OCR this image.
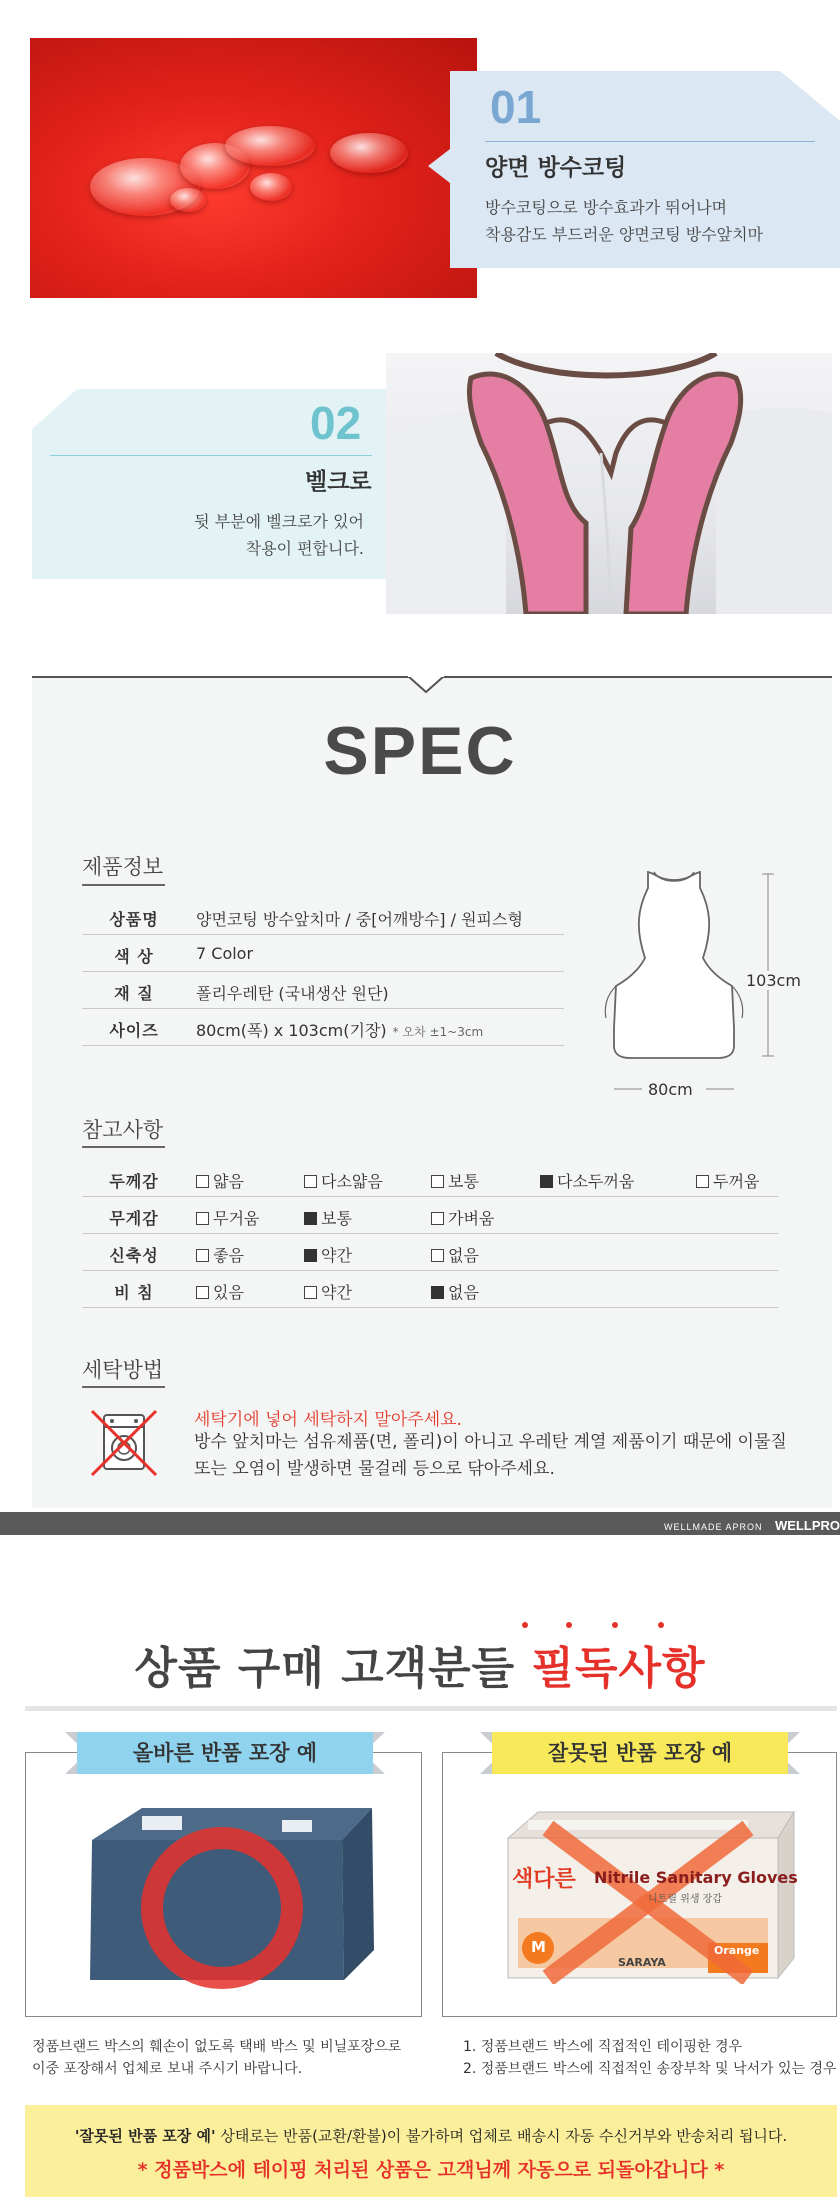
01
양면 방수코팅
방수코팅으로 방수효과가 뛰어나며
착용감도 부드러운 양면코팅 방수앞치마
02
벨크로
뒷 부분에 벨크로가 있어
착용이 편합니다.
SPEC
제품정보
상품명	양면코팅 방수앞치마 / 중[어깨방수] / 원피스형
색 상	7 Color
재 질	폴리우레탄 (국내생산 원단)
사이즈	80cm(폭) x 103cm(기장) * 오차 ±1~3cm
103cm
80cm
참고사항
두께감	얇음	다소얇음	보통	다소두꺼움	두꺼움
무게감	무거움	보통	가벼움
신축성	좋음	약간	없음
비 침	있음	약간	없음
세탁방법
세탁기에 넣어 세탁하지 말아주세요.
방수 앞치마는 섬유제품(면, 폴리)이 아니고 우레탄 계열 제품이기 때문에 이물질
또는 오염이 발생하면 물걸레 등으로 닦아주세요.
WELLMADE APRON WELLPRO
상품 구매 고객분들 필독사항
올바른 반품 포장 예
정품브랜드 박스의 훼손이 없도록 택배 박스 및 비닐포장으로
이중 포장해서 업체로 보내 주시기 바랍니다.
잘못된 반품 포장 예
색다른 Nitrile Sanitary Gloves
니트릴 위생 장갑
M	Orange
SARAYA
1. 정품브랜드 박스에 직접적인 테이핑한 경우
2. 정품브랜드 박스에 직접적인 송장부착 및 낙서가 있는 경우
'잘못된 반품 포장 예' 상태로는 반품(교환/환불)이 불가하며 업체로 배송시 자동 수신거부와 반송처리 됩니다.
* 정품박스에 테이핑 처리된 상품은 고객님께 자동으로 되돌아갑니다 *
